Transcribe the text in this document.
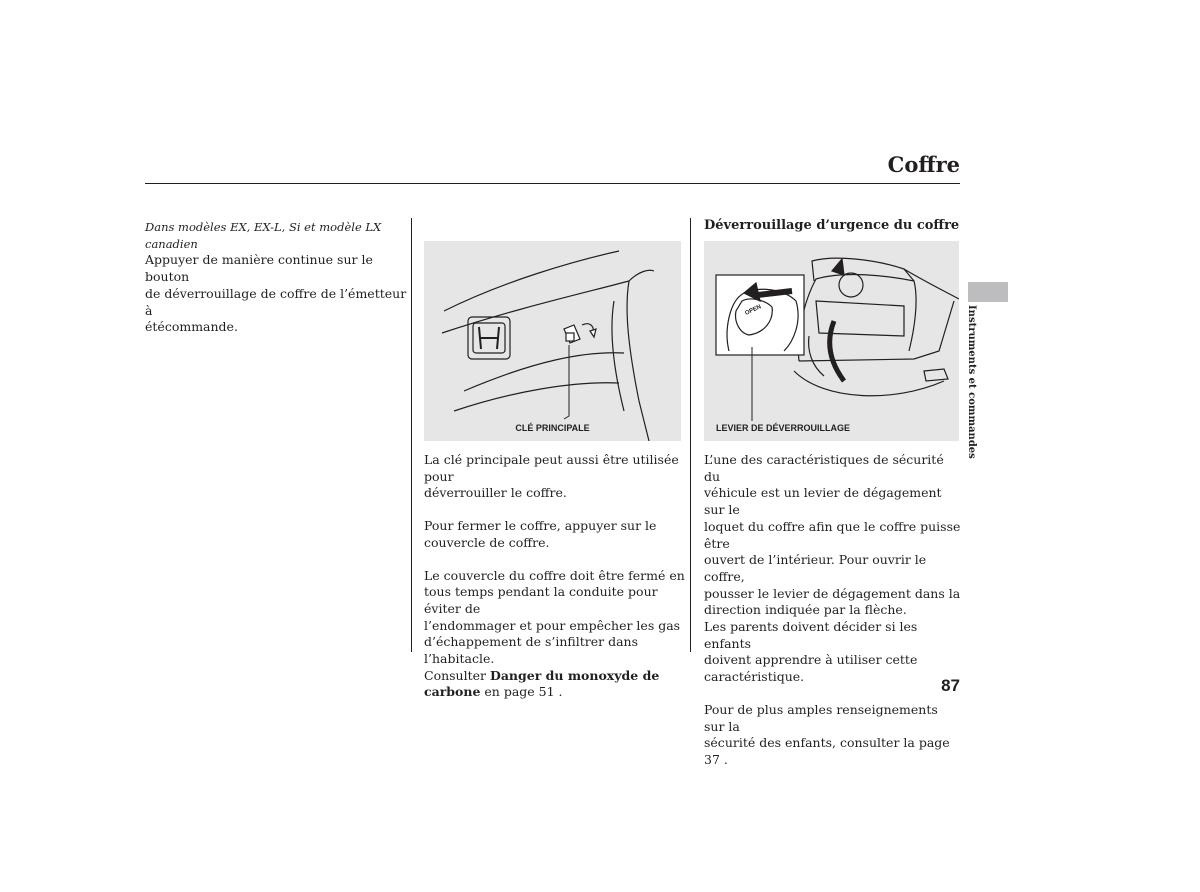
Coffre

Dans modèles EX, EX-L, Si et modèle LX canadien

Appuyer de manière continue sur le bouton

de déverrouillage de coffre de l’émetteur à

étécommande.

CLÉ PRINCIPALE

La clé principale peut aussi être utilisée pour

déverrouiller le coffre.

Pour fermer le coffre, appuyer sur le

couvercle de coffre.

Le couvercle du coffre doit être fermé en

tous temps pendant la conduite pour éviter de

l’endommager et pour empêcher les gas

d’échappement de s’infiltrer dans l’habitacle.

Consulter Danger du monoxyde de

carbone en page 51 .

Déverrouillage d’urgence du coffre
OPEN
LEVIER DE DÉVERROUILLAGE

L’une des caractéristiques de sécurité du

véhicule est un levier de dégagement sur le

loquet du coffre afin que le coffre puisse être

ouvert de l’intérieur. Pour ouvrir le coffre,

pousser le levier de dégagement dans la

direction indiquée par la flèche.

Les parents doivent décider si les enfants

doivent apprendre à utiliser cette

caractéristique.

Pour de plus amples renseignements sur la

sécurité des enfants, consulter la page 37 .

Instruments et commandes
87
